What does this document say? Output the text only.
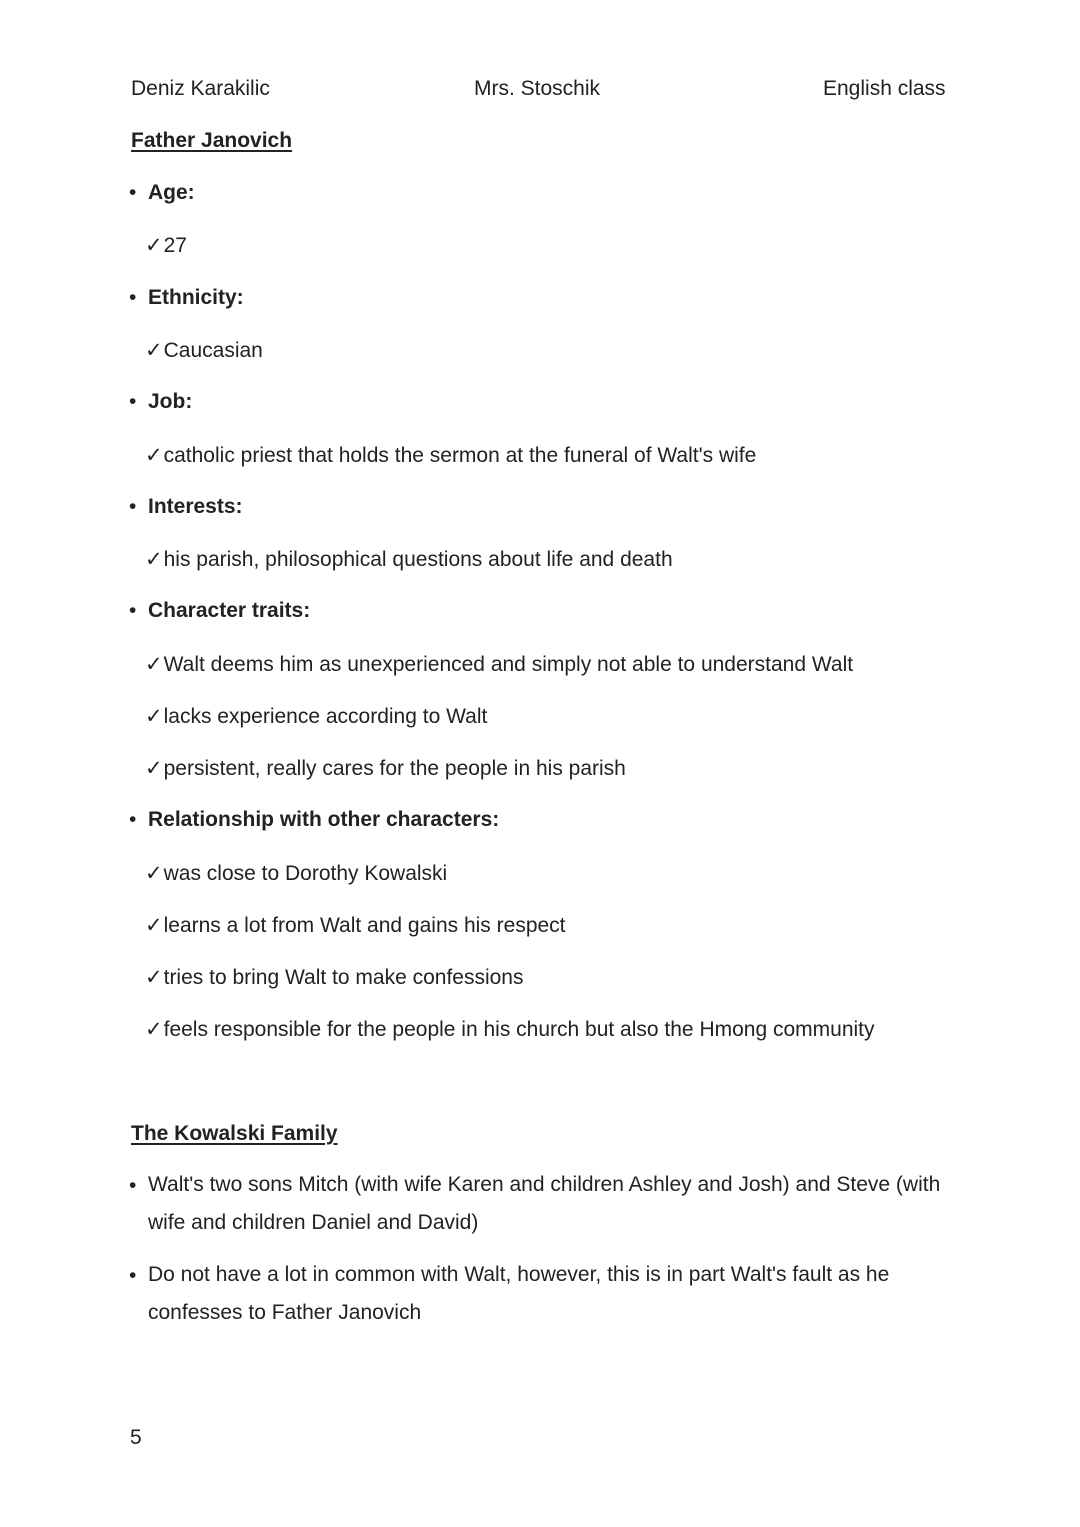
Deniz Karakilic	Mrs. Stoschik	English class
Father Janovich
• Age:
✓27
• Ethnicity:
✓Caucasian
• Job:
✓catholic priest that holds the sermon at the funeral of Walt's wife
• Interests:
✓his parish, philosophical questions about life and death
• Character traits:
✓Walt deems him as unexperienced and simply not able to understand Walt
✓lacks experience according to Walt
✓persistent, really cares for the people in his parish
• Relationship with other characters:
✓was close to Dorothy Kowalski
✓learns a lot from Walt and gains his respect
✓tries to bring Walt to make confessions
✓feels responsible for the people in his church but also the Hmong community
The Kowalski Family
• Walt's two sons Mitch (with wife Karen and children Ashley and Josh) and Steve (with wife and children Daniel and David)
• Do not have a lot in common with Walt, however, this is in part Walt's fault as he confesses to Father Janovich
5
